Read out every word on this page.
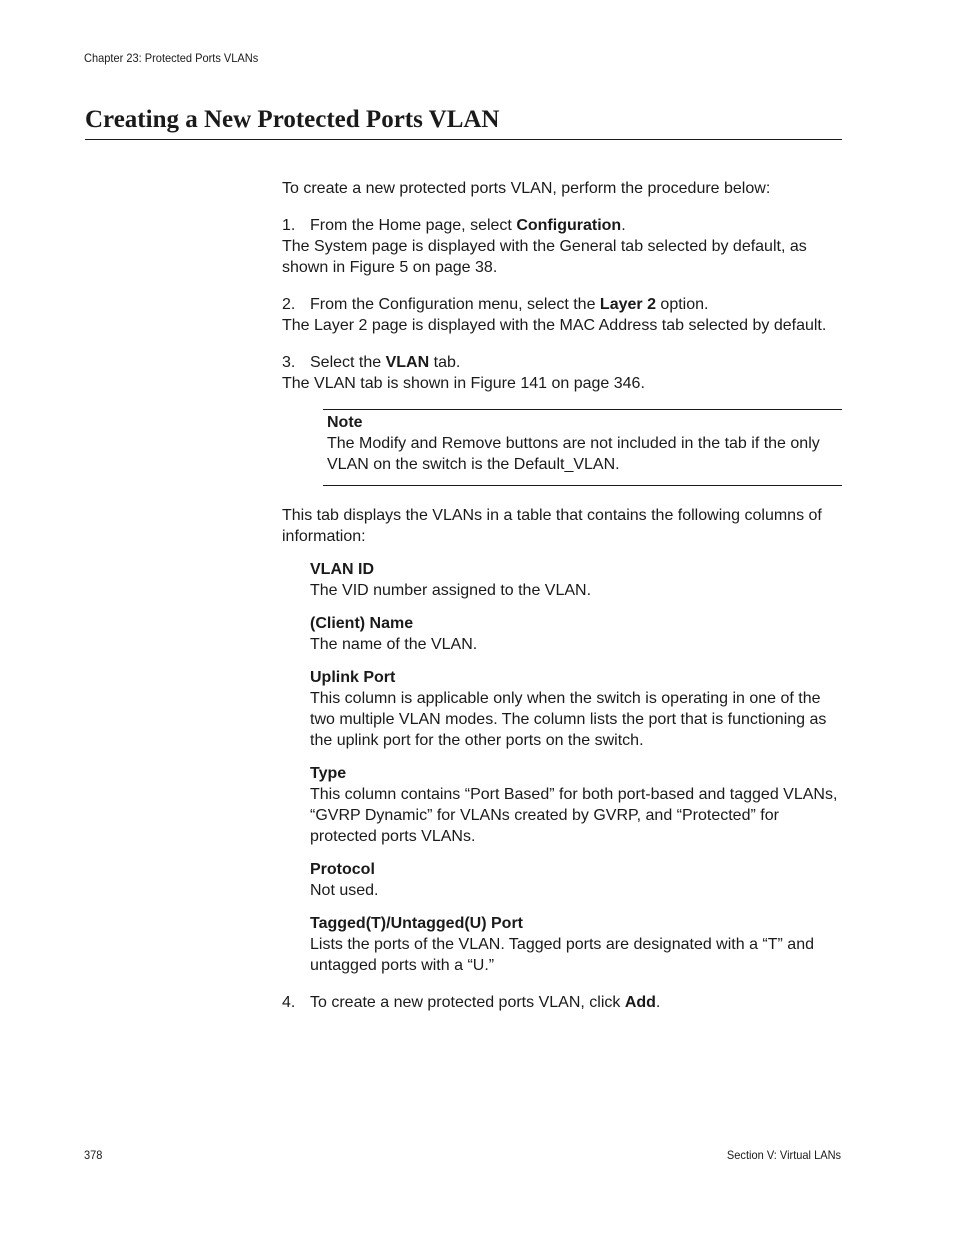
Chapter 23: Protected Ports VLANs
Creating a New Protected Ports VLAN

To create a new protected ports VLAN, perform the procedure below:

1. From the Home page, select Configuration.

The System page is displayed with the General tab selected by default, as shown in Figure 5 on page 38.

2. From the Configuration menu, select the Layer 2 option.

The Layer 2 page is displayed with the MAC Address tab selected by default.

3. Select the VLAN tab.

The VLAN tab is shown in Figure 141 on page 346.

Note
The Modify and Remove buttons are not included in the tab if the only VLAN on the switch is the Default_VLAN.

This tab displays the VLANs in a table that contains the following columns of information:

VLAN ID
The VID number assigned to the VLAN.
(Client) Name
The name of the VLAN.
Uplink Port
This column is applicable only when the switch is operating in one of the two multiple VLAN modes. The column lists the port that is functioning as the uplink port for the other ports on the switch.
Type
This column contains “Port Based” for both port-based and tagged VLANs, “GVRP Dynamic” for VLANs created by GVRP, and “Protected” for protected ports VLANs.
Protocol
Not used.
Tagged(T)/Untagged(U) Port
Lists the ports of the VLAN. Tagged ports are designated with a “T” and untagged ports with a “U.”
4. To create a new protected ports VLAN, click Add.
378	Section V: Virtual LANs
